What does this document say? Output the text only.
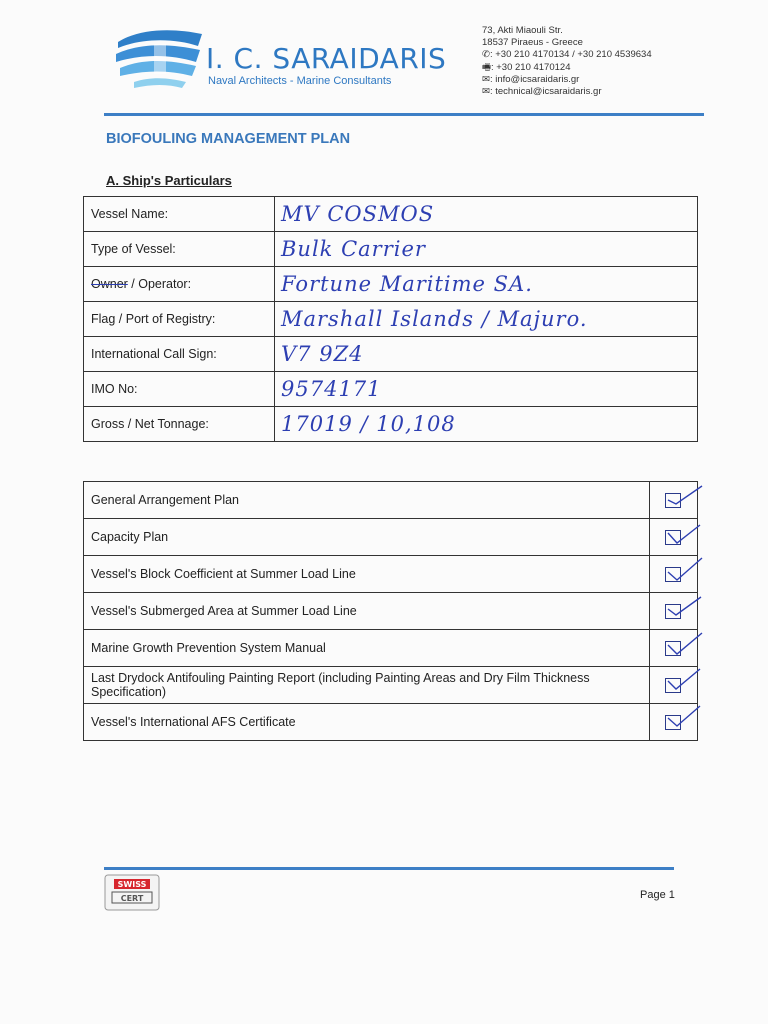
I. C. SARAIDARIS
Naval Architects - Marine Consultants
73, Akti Miaouli Str.
18537 Piraeus - Greece
✆: +30 210 4170134 / +30 210 4539634
🖷: +30 210 4170124
✉: info@icsaraidaris.gr
✉: technical@icsaraidaris.gr
BIOFOULING MANAGEMENT PLAN
A. Ship's Particulars
Vessel Name:	MV COSMOS
Type of Vessel:	Bulk Carrier
Owner / Operator:	Fortune Maritime SA.
Flag / Port of Registry:	Marshall Islands / Majuro.
International Call Sign:	V7 9Z4
IMO No:	9574171
Gross / Net Tonnage:	17019 / 10,108
General Arrangement Plan	

Capacity Plan	

Vessel's Block Coefficient at Summer Load Line	

Vessel's Submerged Area at Summer Load Line	

Marine Growth Prevention System Manual	

Last Drydock Antifouling Painting Report (including Painting Areas and Dry Film Thickness Specification)	

Vessel's International AFS Certificate	
SWISS
CERT	Page 1
